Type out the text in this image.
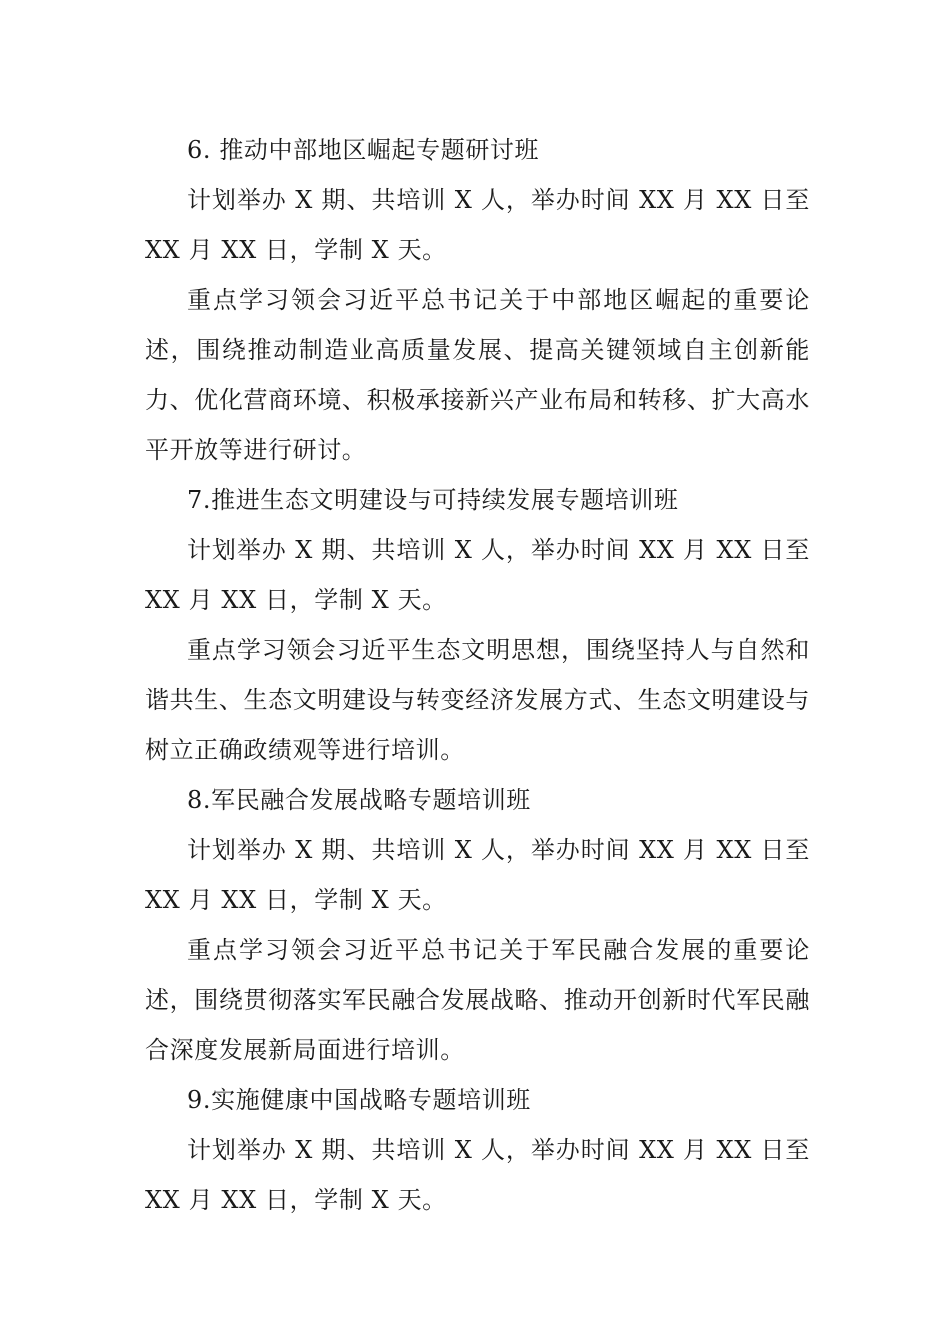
6. 推动中部地区崛起专题研讨班

计划举办 X 期、共培训 X 人，举办时间 XX 月 XX 日至 XX 月 XX 日，学制 X 天。

重点学习领会习近平总书记关于中部地区崛起的重要论述，围绕推动制造业高质量发展、提高关键领域自主创新能力、优化营商环境、积极承接新兴产业布局和转移、扩大高水平开放等进行研讨。

7.推进生态文明建设与可持续发展专题培训班

计划举办 X 期、共培训 X 人，举办时间 XX 月 XX 日至 XX 月 XX 日，学制 X 天。

重点学习领会习近平生态文明思想，围绕坚持人与自然和谐共生、生态文明建设与转变经济发展方式、生态文明建设与树立正确政绩观等进行培训。

8.军民融合发展战略专题培训班

计划举办 X 期、共培训 X 人，举办时间 XX 月 XX 日至 XX 月 XX 日，学制 X 天。

重点学习领会习近平总书记关于军民融合发展的重要论述，围绕贯彻落实军民融合发展战略、推动开创新时代军民融合深度发展新局面进行培训。

9.实施健康中国战略专题培训班

计划举办 X 期、共培训 X 人，举办时间 XX 月 XX 日至 XX 月 XX 日，学制 X 天。
